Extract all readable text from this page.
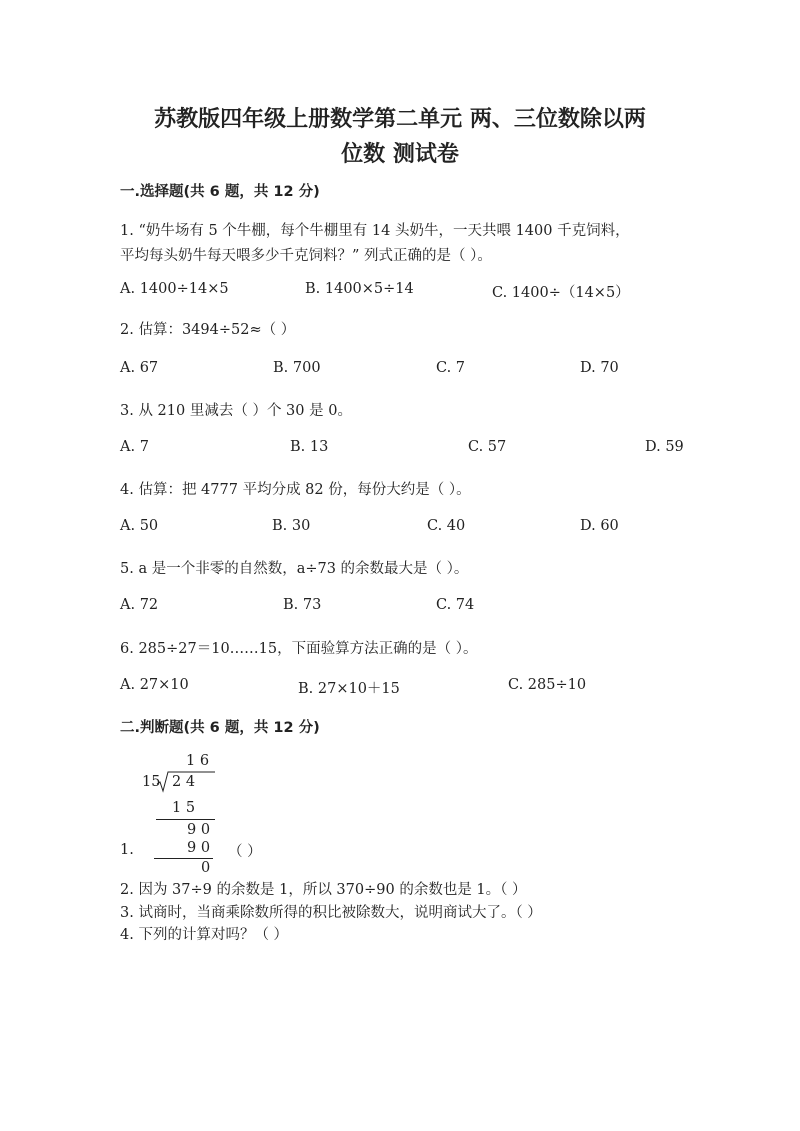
苏教版四年级上册数学第二单元 两、三位数除以两
位数 测试卷
一.选择题(共 6 题，共 12 分)
1. “奶牛场有 5 个牛棚，每个牛棚里有 14 头奶牛，一天共喂 1400 千克饲料，
平均每头奶牛每天喂多少千克饲料？” 列式正确的是（ ）。
A. 1400÷14×5	B. 1400×5÷14	C. 1400÷（14×5）
2. 估算：3494÷52≈（ ）
A. 67	B. 700	C. 7	D. 70
3. 从 210 里减去（ ）个 30 是 0。
A. 7	B. 13	C. 57	D. 59
4. 估算：把 4777 平均分成 82 份，每份大约是（ ）。
A. 50	B. 30	C. 40	D. 60
5. a 是一个非零的自然数，a÷73 的余数最大是（ ）。
A. 72	B. 73	C. 74
6. 285÷27＝10……15，下面验算方法正确的是（ ）。
A. 27×10	B. 27×10＋15	C. 285÷10
二.判断题(共 6 题，共 12 分)
1 6
15 2 4
1 5
9 0
1.	9 0 （ ）
0
2. 因为 37÷9 的余数是 1，所以 370÷90 的余数也是 1。（ ）
3. 试商时，当商乘除数所得的积比被除数大，说明商试大了。（ ）
4. 下列的计算对吗？（ ）
